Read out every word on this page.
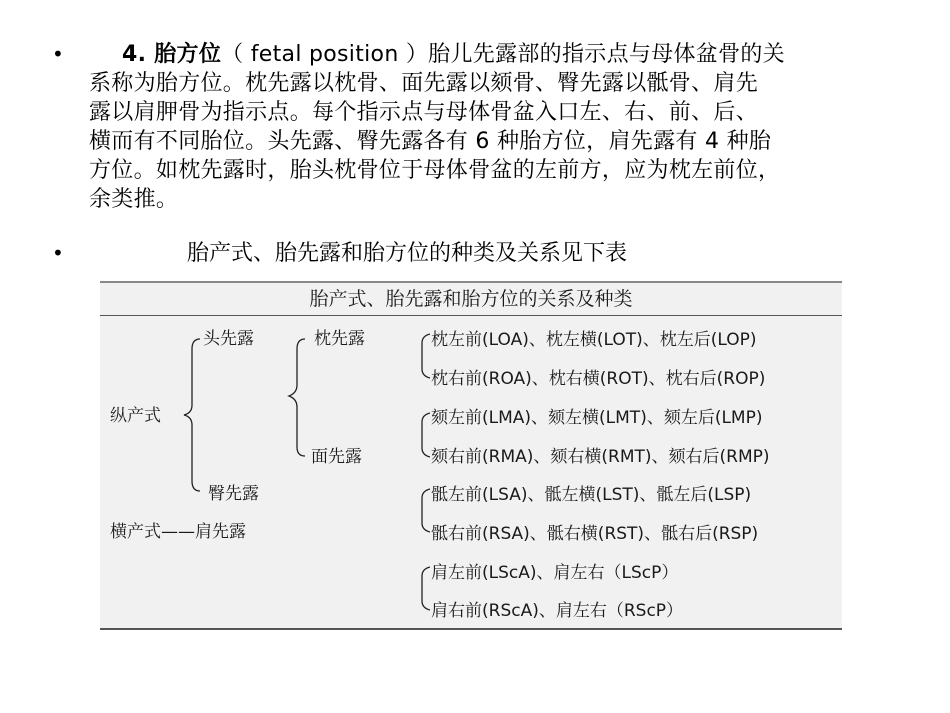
•
•
4. 胎方位（ fetal position ）胎儿先露部的指示点与母体盆骨的关
系称为胎方位。枕先露以枕骨、面先露以颏骨、臀先露以骶骨、肩先
露以肩胛骨为指示点。每个指示点与母体骨盆入口左、右、前、后、
横而有不同胎位。头先露、臀先露各有 6 种胎方位，肩先露有 4 种胎
方位。如枕先露时，胎头枕骨位于母体骨盆的左前方，应为枕左前位，
余类推。
胎产式、胎先露和胎方位的种类及关系见下表
胎产式、胎先露和胎方位的关系及种类
纵产式
横产式——肩先露
头先露
臀先露
枕先露
面先露
枕左前(LOA)、枕左横(LOT)、枕左后(LOP)
枕右前(ROA)、枕右横(ROT)、枕右后(ROP)
颏左前(LMA)、颏左横(LMT)、颏左后(LMP)
颏右前(RMA)、颏右横(RMT)、颏右后(RMP)
骶左前(LSA)、骶左横(LST)、骶左后(LSP)
骶右前(RSA)、骶右横(RST)、骶右后(RSP)
肩左前(LScA)、肩左右（LScP）
肩右前(RScA)、肩左右（RScP）
